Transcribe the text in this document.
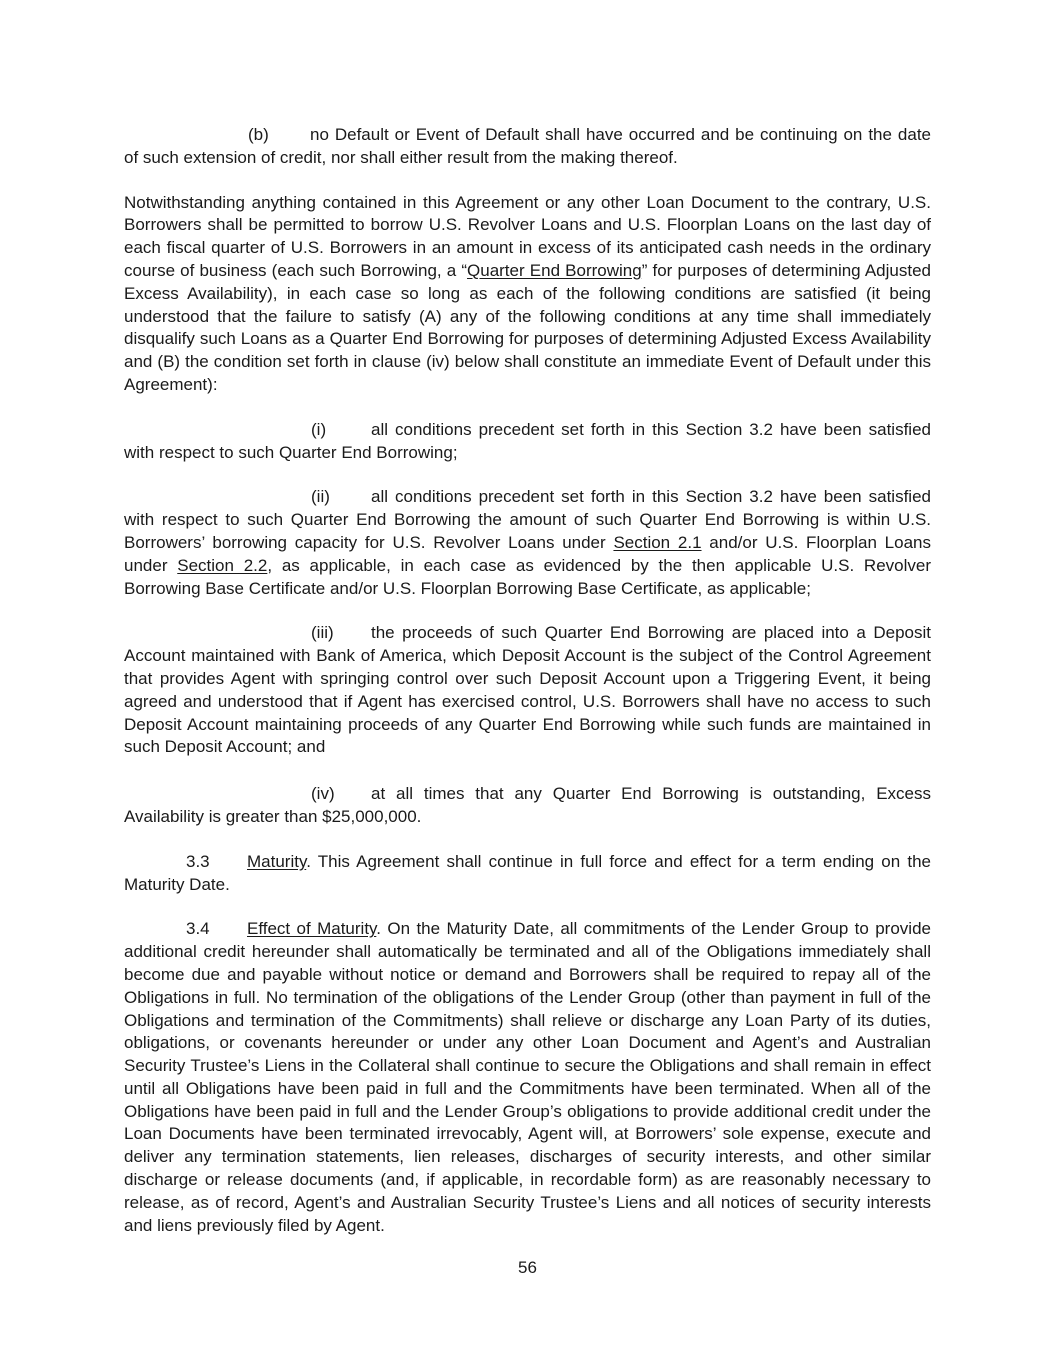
(b) no Default or Event of Default shall have occurred and be continuing on the date of such extension of credit, nor shall either result from the making thereof.

Notwithstanding anything contained in this Agreement or any other Loan Document to the contrary, U.S. Borrowers shall be permitted to borrow U.S. Revolver Loans and U.S. Floorplan Loans on the last day of each fiscal quarter of U.S. Borrowers in an amount in excess of its anticipated cash needs in the ordinary course of business (each such Borrowing, a “Quarter End Borrowing” for purposes of determining Adjusted Excess Availability), in each case so long as each of the following conditions are satisfied (it being understood that the failure to satisfy (A) any of the following conditions at any time shall immediately disqualify such Loans as a Quarter End Borrowing for purposes of determining Adjusted Excess Availability and (B) the condition set forth in clause (iv) below shall constitute an immediate Event of Default under this Agreement):

(i)	all conditions precedent set forth in this Section 3.2 have been satisfied with respect to such Quarter End Borrowing;

(ii) all conditions precedent set forth in this Section 3.2 have been satisfied with respect to such Quarter End Borrowing the amount of such Quarter End Borrowing is within U.S. Borrowers’ borrowing capacity for U.S. Revolver Loans under Section 2.1 and/or U.S. Floorplan Loans under Section 2.2, as applicable, in each case as evidenced by the then applicable U.S. Revolver Borrowing Base Certificate and/or U.S. Floorplan Borrowing Base Certificate, as applicable;

(iii) the proceeds of such Quarter End Borrowing are placed into a Deposit Account maintained with Bank of America, which Deposit Account is the subject of the Control Agreement that provides Agent with springing control over such Deposit Account upon a Triggering Event, it being agreed and understood that if Agent has exercised control, U.S. Borrowers shall have no access to such Deposit Account maintaining proceeds of any Quarter End Borrowing while such funds are maintained in such Deposit Account; and

(iv) at all times that any Quarter End Borrowing is outstanding, Excess Availability is greater than $25,000,000.

3.3 Maturity. This Agreement shall continue in full force and effect for a term ending on the Maturity Date.

3.4 Effect of Maturity. On the Maturity Date, all commitments of the Lender Group to provide additional credit hereunder shall automatically be terminated and all of the Obligations immediately shall become due and payable without notice or demand and Borrowers shall be required to repay all of the Obligations in full. No termination of the obligations of the Lender Group (other than payment in full of the Obligations and termination of the Commitments) shall relieve or discharge any Loan Party of its duties, obligations, or covenants hereunder or under any other Loan Document and Agent’s and Australian Security Trustee’s Liens in the Collateral shall continue to secure the Obligations and shall remain in effect until all Obligations have been paid in full and the Commitments have been terminated. When all of the Obligations have been paid in full and the Lender Group’s obligations to provide additional credit under the Loan Documents have been terminated irrevocably, Agent will, at Borrowers’ sole expense, execute and deliver any termination statements, lien releases, discharges of security interests, and other similar discharge or release documents (and, if applicable, in recordable form) as are reasonably necessary to release, as of record, Agent’s and Australian Security Trustee’s Liens and all notices of security interests and liens previously filed by Agent.

56
